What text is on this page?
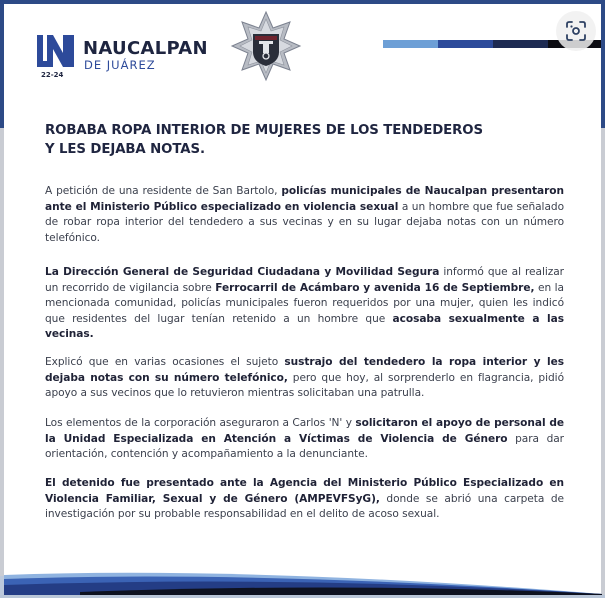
NAUCALPAN
DE JUÁREZ
22-24
ROBABA ROPA INTERIOR DE MUJERES DE LOS TENDEDEROS
Y LES DEJABA NOTAS.

A petición de una residente de San Bartolo, policías municipales de Naucalpan presentaron ante el Ministerio Público especializado en violencia sexual a un hombre que fue señalado de robar ropa interior del tendedero a sus vecinas y en su lugar dejaba notas con un número telefónico.

La Dirección General de Seguridad Ciudadana y Movilidad Segura informó que al realizar un recorrido de vigilancia sobre Ferrocarril de Acámbaro y avenida 16 de Septiembre, en la mencionada comunidad, policías municipales fueron requeridos por una mujer, quien les indicó que residentes del lugar tenían retenido a un hombre que acosaba sexualmente a las vecinas.

Explicó que en varias ocasiones el sujeto sustrajo del tendedero la ropa interior y les dejaba notas con su número telefónico, pero que hoy, al sorprenderlo en flagrancia, pidió apoyo a sus vecinos que lo retuvieron mientras solicitaban una patrulla.

Los elementos de la corporación aseguraron a Carlos 'N' y solicitaron el apoyo de personal de la Unidad Especializada en Atención a Víctimas de Violencia de Género para dar orientación, contención y acompañamiento a la denunciante.

El detenido fue presentado ante la Agencia del Ministerio Público Especializado en Violencia Familiar, Sexual y de Género (AMPEVFSyG), donde se abrió una carpeta de investigación por su probable responsabilidad en el delito de acoso sexual.
